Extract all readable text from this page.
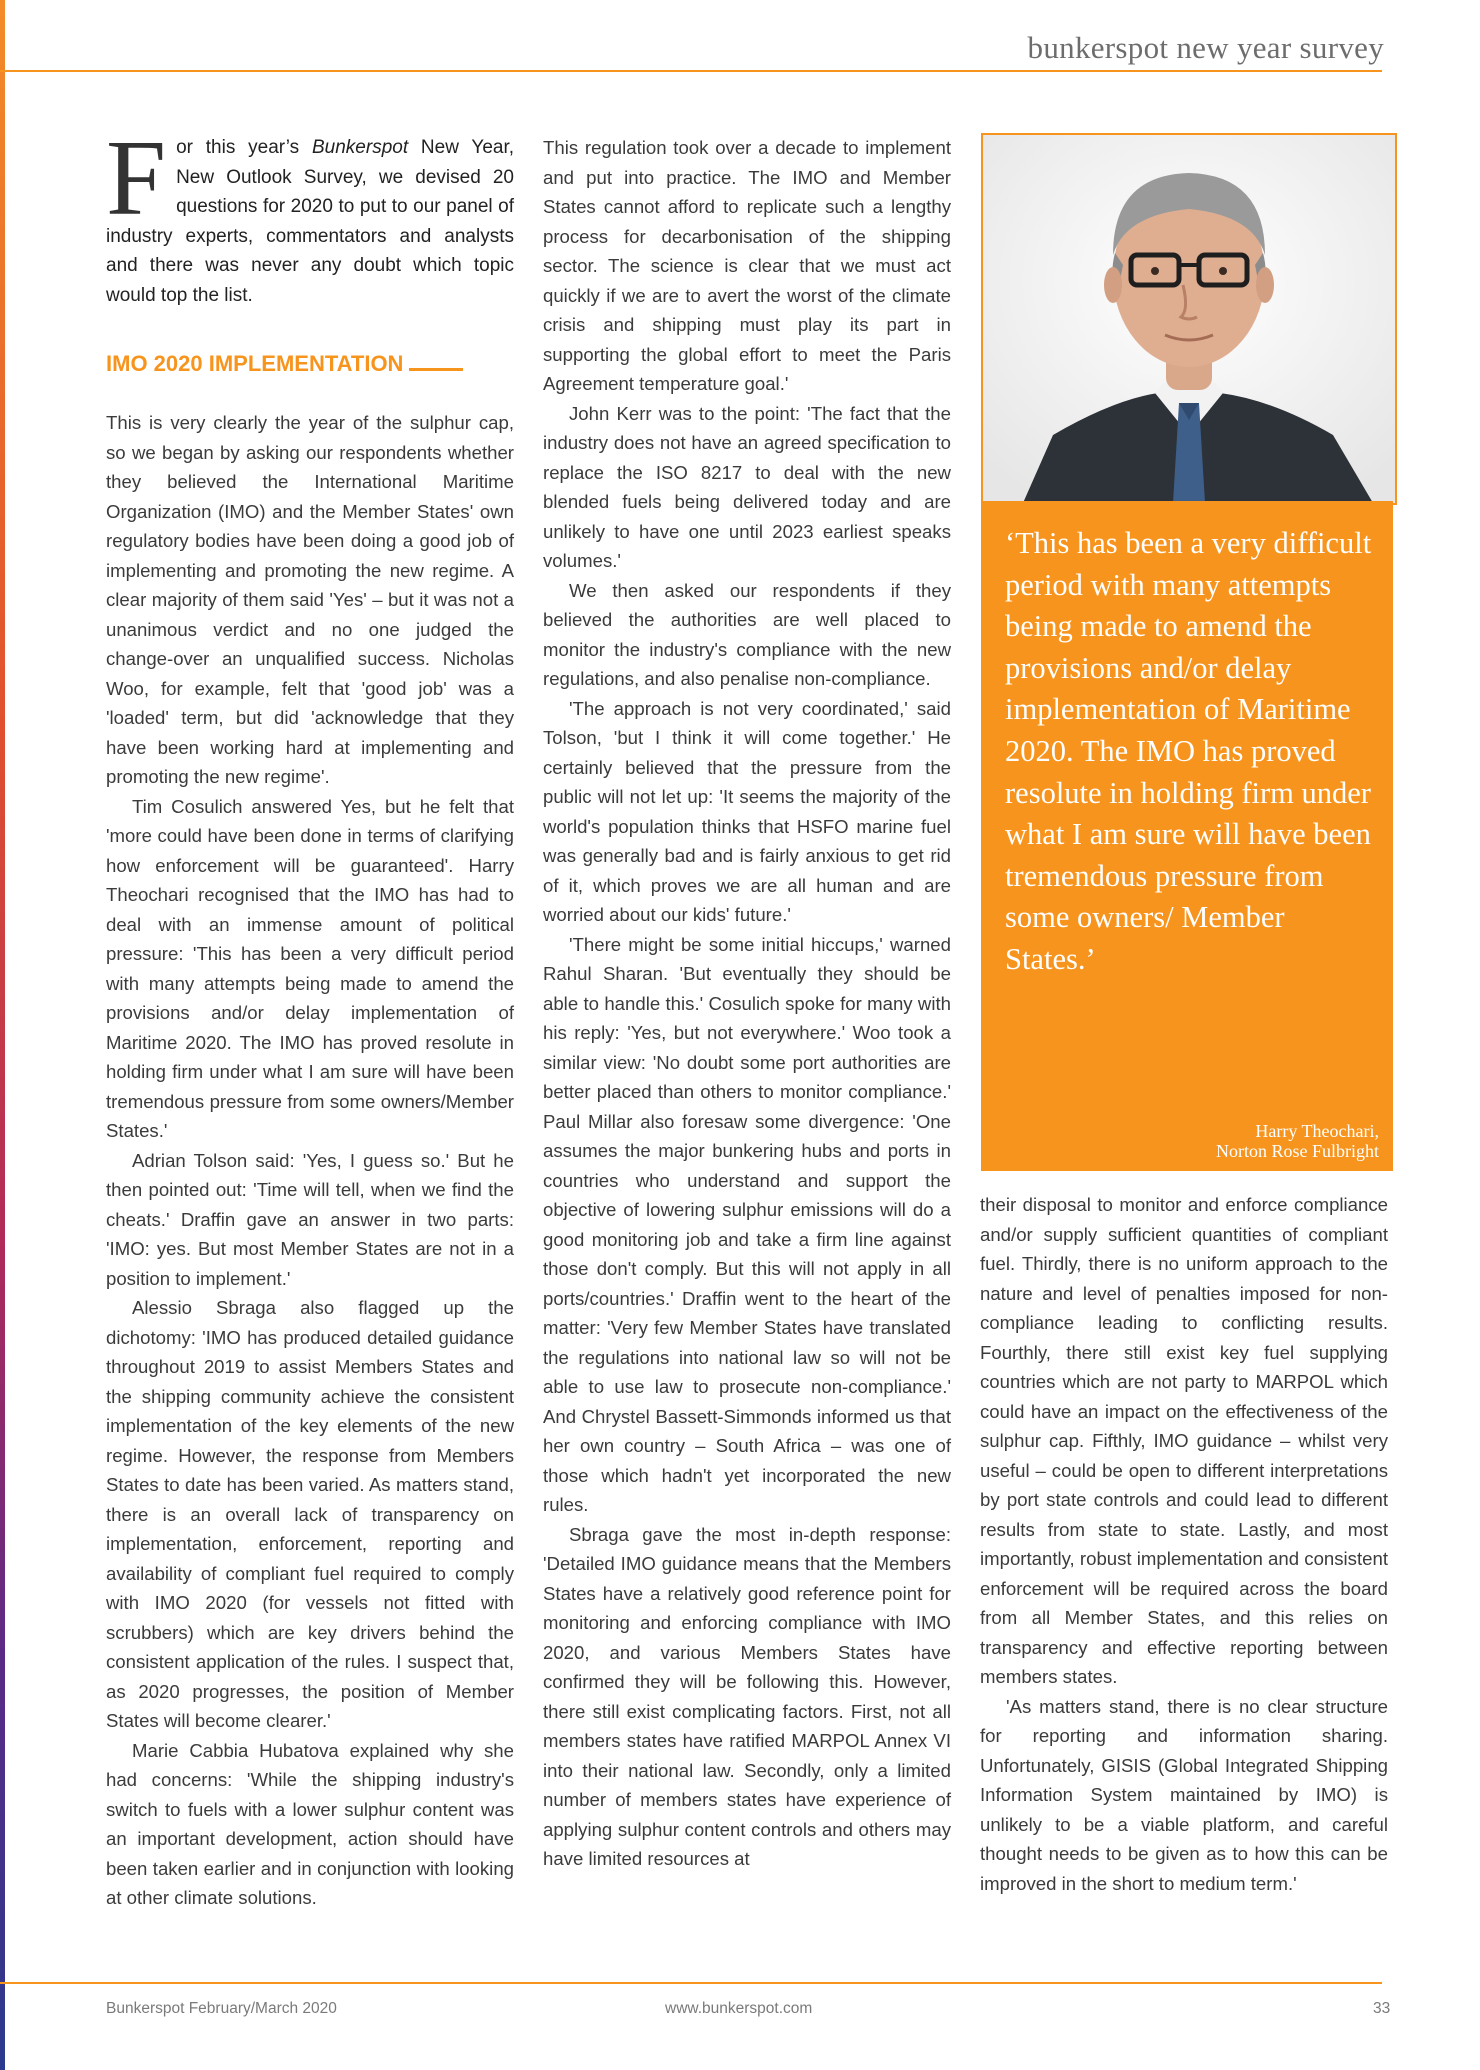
bunkerspot new year survey

For this year’s Bunkerspot New Year, New Outlook Survey, we devised 20 questions for 2020 to put to our panel of industry experts, commentators and analysts and there was never any doubt which topic would top the list.

IMO 2020 IMPLEMENTATION

This is very clearly the year of the sulphur cap, so we began by asking our respondents whether they believed the International Maritime Organization (IMO) and the Member States' own regulatory bodies have been doing a good job of implementing and promoting the new regime. A clear majority of them said 'Yes' – but it was not a unanimous verdict and no one judged the change-over an unqualified success. Nicholas Woo, for example, felt that 'good job' was a 'loaded' term, but did 'acknowledge that they have been working hard at implementing and promoting the new regime'.

Tim Cosulich answered Yes, but he felt that 'more could have been done in terms of clarifying how enforcement will be guaranteed'. Harry Theochari recognised that the IMO has had to deal with an immense amount of political pressure: 'This has been a very difficult period with many attempts being made to amend the provisions and/or delay implementation of Maritime 2020. The IMO has proved resolute in holding firm under what I am sure will have been tremendous pressure from some owners/Member States.'

Adrian Tolson said: 'Yes, I guess so.' But he then pointed out: 'Time will tell, when we find the cheats.' Draffin gave an answer in two parts: 'IMO: yes. But most Member States are not in a position to implement.'

Alessio Sbraga also flagged up the dichotomy: 'IMO has produced detailed guidance throughout 2019 to assist Members States and the shipping community achieve the consistent implementation of the key elements of the new regime. However, the response from Members States to date has been varied. As matters stand, there is an overall lack of transparency on implementation, enforcement, reporting and availability of compliant fuel required to comply with IMO 2020 (for vessels not fitted with scrubbers) which are key drivers behind the consistent application of the rules. I suspect that, as 2020 progresses, the position of Member States will become clearer.'

Marie Cabbia Hubatova explained why she had concerns: 'While the shipping industry's switch to fuels with a lower sulphur content was an important development, action should have been taken earlier and in conjunction with looking at other climate solutions.

This regulation took over a decade to implement and put into practice. The IMO and Member States cannot afford to replicate such a lengthy process for decarbonisation of the shipping sector. The science is clear that we must act quickly if we are to avert the worst of the climate crisis and shipping must play its part in supporting the global effort to meet the Paris Agreement temperature goal.'

John Kerr was to the point: 'The fact that the industry does not have an agreed specification to replace the ISO 8217 to deal with the new blended fuels being delivered today and are unlikely to have one until 2023 earliest speaks volumes.'

We then asked our respondents if they believed the authorities are well placed to monitor the industry's compliance with the new regulations, and also penalise non-compliance.

'The approach is not very coordinated,' said Tolson, 'but I think it will come together.' He certainly believed that the pressure from the public will not let up: 'It seems the majority of the world's population thinks that HSFO marine fuel was generally bad and is fairly anxious to get rid of it, which proves we are all human and are worried about our kids' future.'

'There might be some initial hiccups,' warned Rahul Sharan. 'But eventually they should be able to handle this.' Cosulich spoke for many with his reply: 'Yes, but not everywhere.' Woo took a similar view: 'No doubt some port authorities are better placed than others to monitor compliance.' Paul Millar also foresaw some divergence: 'One assumes the major bunkering hubs and ports in countries who understand and support the objective of lowering sulphur emissions will do a good monitoring job and take a firm line against those don't comply. But this will not apply in all ports/countries.' Draffin went to the heart of the matter: 'Very few Member States have translated the regulations into national law so will not be able to use law to prosecute non-compliance.' And Chrystel Bassett-Simmonds informed us that her own country – South Africa – was one of those which hadn't yet incorporated the new rules.

Sbraga gave the most in-depth response: 'Detailed IMO guidance means that the Members States have a relatively good reference point for monitoring and enforcing compliance with IMO 2020, and various Members States have confirmed they will be following this. However, there still exist complicating factors. First, not all members states have ratified MARPOL Annex VI into their national law. Secondly, only a limited number of members states have experience of applying sulphur content controls and others may have limited resources at

‘This has been a very difficult period with many attempts being made to amend the provisions and/or delay implementation of Maritime 2020. The IMO has proved resolute in holding firm under what I am sure will have been tremendous pressure from some owners/ Member States.’
Harry Theochari,
Norton Rose Fulbright

their disposal to monitor and enforce compliance and/or supply sufficient quantities of compliant fuel. Thirdly, there is no uniform approach to the nature and level of penalties imposed for non-compliance leading to conflicting results. Fourthly, there still exist key fuel supplying countries which are not party to MARPOL which could have an impact on the effectiveness of the sulphur cap. Fifthly, IMO guidance – whilst very useful – could be open to different interpretations by port state controls and could lead to different results from state to state. Lastly, and most importantly, robust implementation and consistent enforcement will be required across the board from all Member States, and this relies on transparency and effective reporting between members states.

'As matters stand, there is no clear structure for reporting and information sharing. Unfortunately, GISIS (Global Integrated Shipping Information System maintained by IMO) is unlikely to be a viable platform, and careful thought needs to be given as to how this can be improved in the short to medium term.'

Bunkerspot February/March 2020	www.bunkerspot.com	33
